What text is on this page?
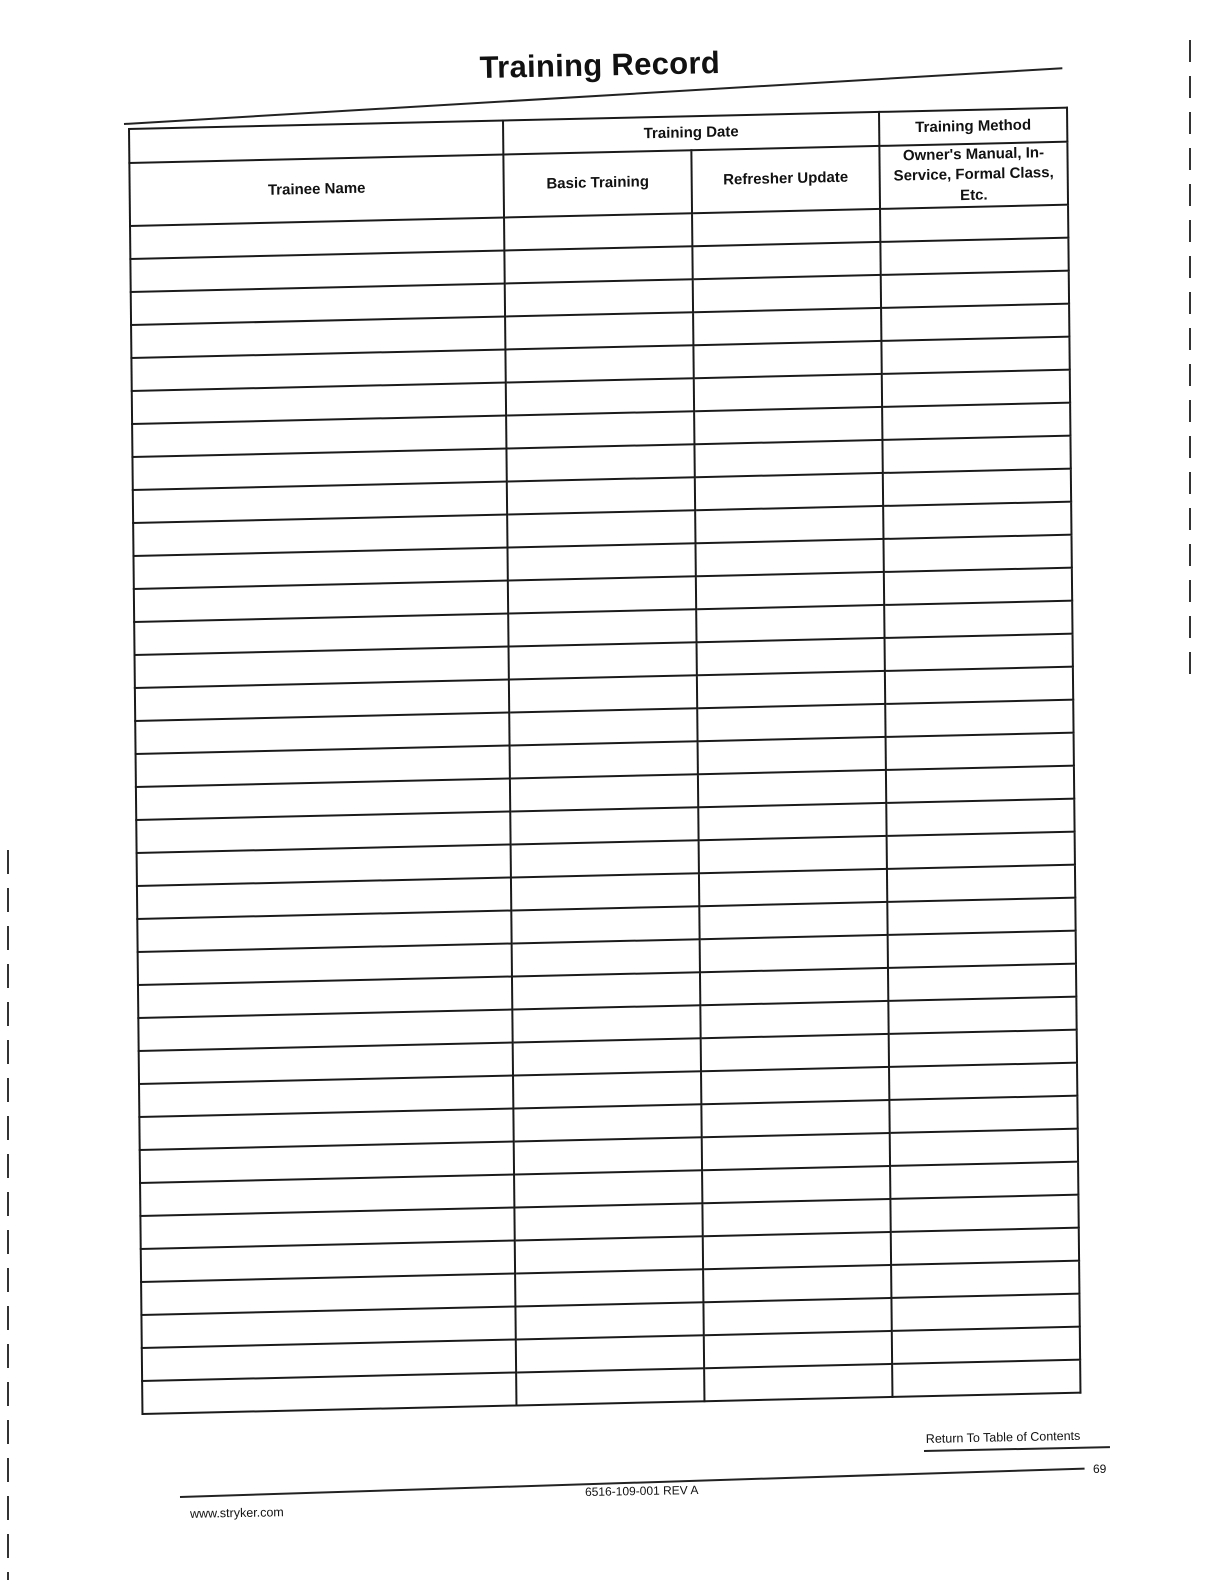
Training Record
	Training Date		Training Method
Trainee Name	Basic Training	Refresher Update	Owner's Manual, In-Service, Formal Class, Etc.

Return To Table of Contents
69
6516-109-001 REV A
www.stryker.com
